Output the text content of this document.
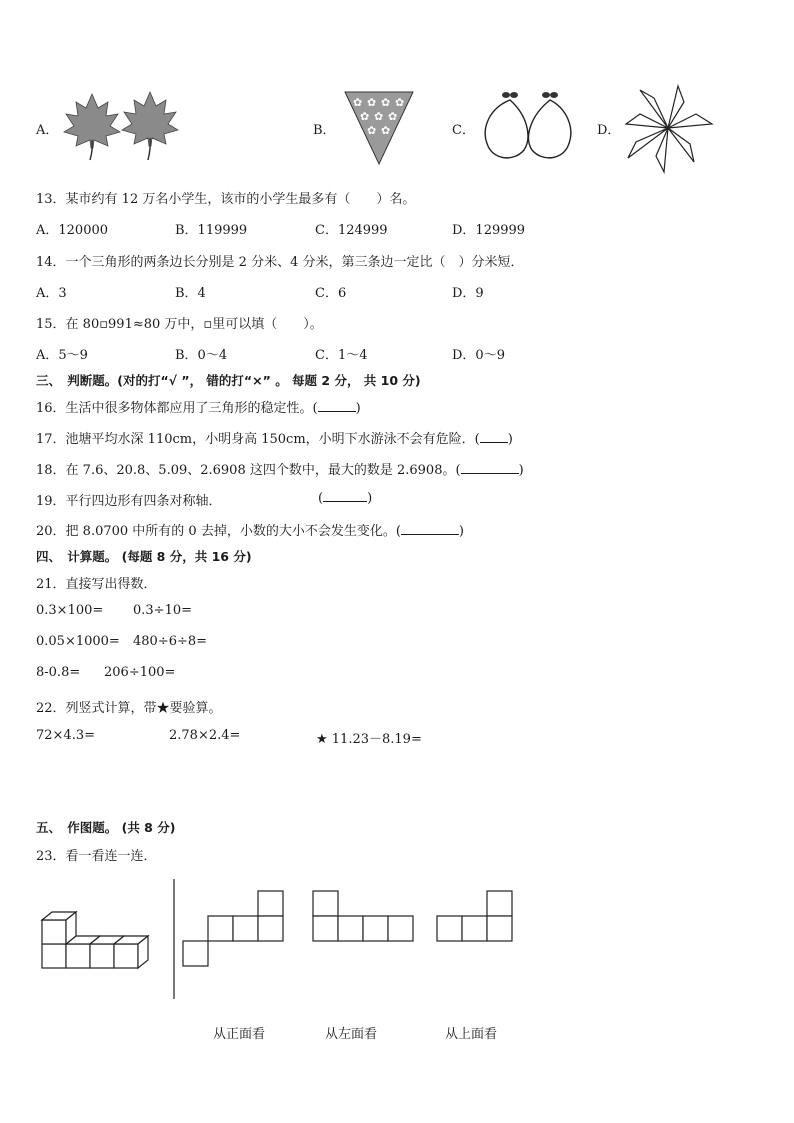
A．	B．
✿ ✿ ✿ ✿
✿ ✿ ✿
✿ ✿	C．	D．
13．某市约有 12 万名小学生，该市的小学生最多有（　　）名。
A．120000	B．119999	C．124999	D．129999
14．一个三角形的两条边长分别是 2 分米、4 分米，第三条边一定比（　）分米短．
A．3	B．4	C．6	D．9
15．在 80▫991≈80 万中，▫里可以填（　　）。
A．5～9	B．0～4	C．1～4	D．0～9
三、　判断题。(对的打“√ ”， 错的打“×” 。 每题 2 分， 共 10 分)
16．生活中很多物体都应用了三角形的稳定性。(	)
17．池塘平均水深 110cm，小明身高 150cm，小明下水游泳不会有危险．( )
18．在 7.6、20.8、5.09、2.6908 这四个数中，最大的数是 2.6908。(	)
19．平行四边形有四条对称轴．	(	)
20．把 8.0700 中所有的 0 去掉，小数的大小不会发生变化。(	)
四、　计算题。 (每题 8 分，共 16 分)
21．直接写出得数．
0.3×100= 0.3÷10=
0.05×1000= 480÷6÷8=
8-0.8= 206÷100=
22．列竖式计算，带★要验算。
72×4.3=	2.78×2.4=	★ 11.23－8.19=
五、　作图题。 (共 8 分)
23．看一看连一连．
从正面看	从左面看	从上面看
